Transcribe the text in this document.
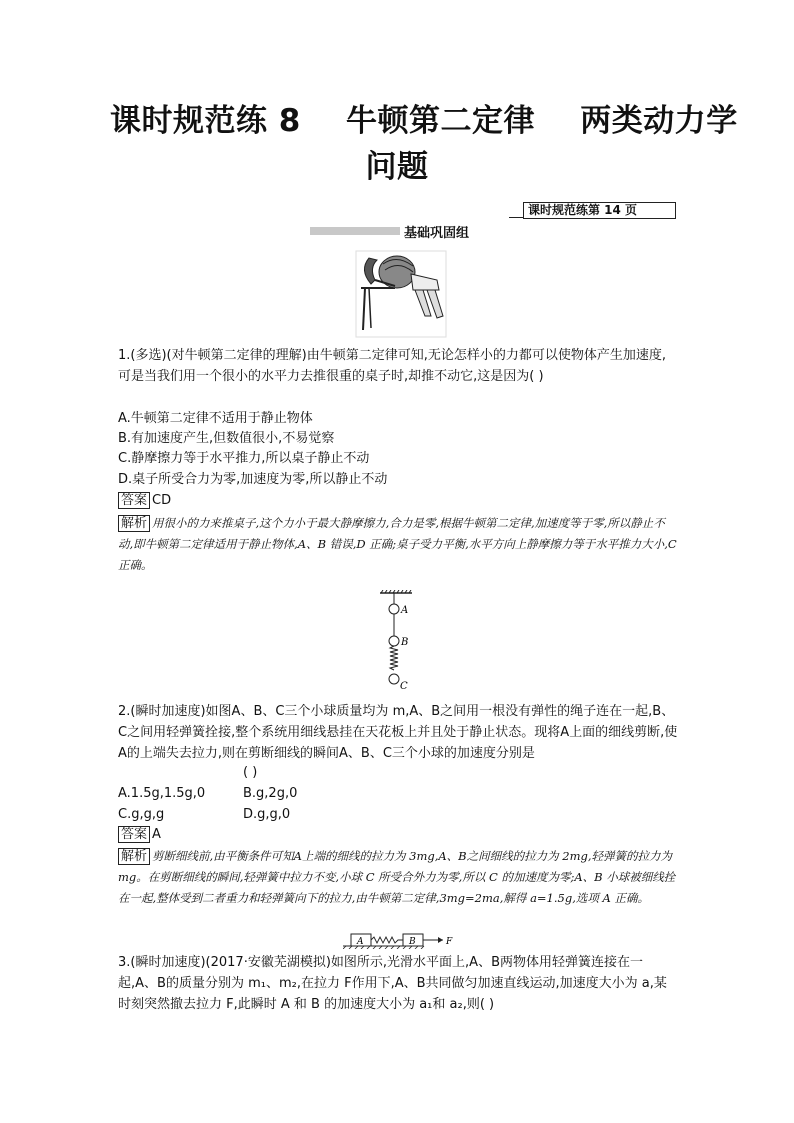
课时规范练 8    牛顿第二定律    两类动力学
问题
课时规范练第 14 页
基础巩固组
1.(多选)(对牛顿第二定律的理解)由牛顿第二定律可知,无论怎样小的力都可以使物体产生加速度,可是当我们用一个很小的水平力去推很重的桌子时,却推不动它,这是因为( )
A.牛顿第二定律不适用于静止物体
B.有加速度产生,但数值很小,不易觉察
C.静摩擦力等于水平推力,所以桌子静止不动
D.桌子所受合力为零,加速度为零,所以静止不动
答案 CD
解析 用很小的力来推桌子,这个力小于最大静摩擦力,合力是零,根据牛顿第二定律,加速度等于零,所以静止不动,即牛顿第二定律适用于静止物体,A、B 错误,D 正确;桌子受力平衡,水平方向上静摩擦力等于水平推力大小,C 正确。
A
B
C
2.(瞬时加速度)如图A、B、C三个小球质量均为 m,A、B之间用一根没有弹性的绳子连在一起,B、C之间用轻弹簧拴接,整个系统用细线悬挂在天花板上并且处于静止状态。现将A上面的细线剪断,使A的上端失去拉力,则在剪断细线的瞬间A、B、C三个小球的加速度分别是
( )
A.1.5g,1.5g,0	B.g,2g,0
C.g,g,g	D.g,g,0
答案 A
解析 剪断细线前,由平衡条件可知A上端的细线的拉力为 3mg,A、B之间细线的拉力为 2mg,轻弹簧的拉力为 mg。在剪断细线的瞬间,轻弹簧中拉力不变,小球 C 所受合外力为零,所以 C 的加速度为零;A、B 小球被细线拴在一起,整体受到二者重力和轻弹簧向下的拉力,由牛顿第二定律,3mg=2ma,解得 a=1.5g,选项 A 正确。
A	B	F
3.(瞬时加速度)(2017·安徽芜湖模拟)如图所示,光滑水平面上,A、B两物体用轻弹簧连接在一起,A、B的质量分别为 m₁、m₂,在拉力 F作用下,A、B共同做匀加速直线运动,加速度大小为 a,某时刻突然撤去拉力 F,此瞬时 A 和 B 的加速度大小为 a₁和 a₂,则( )
